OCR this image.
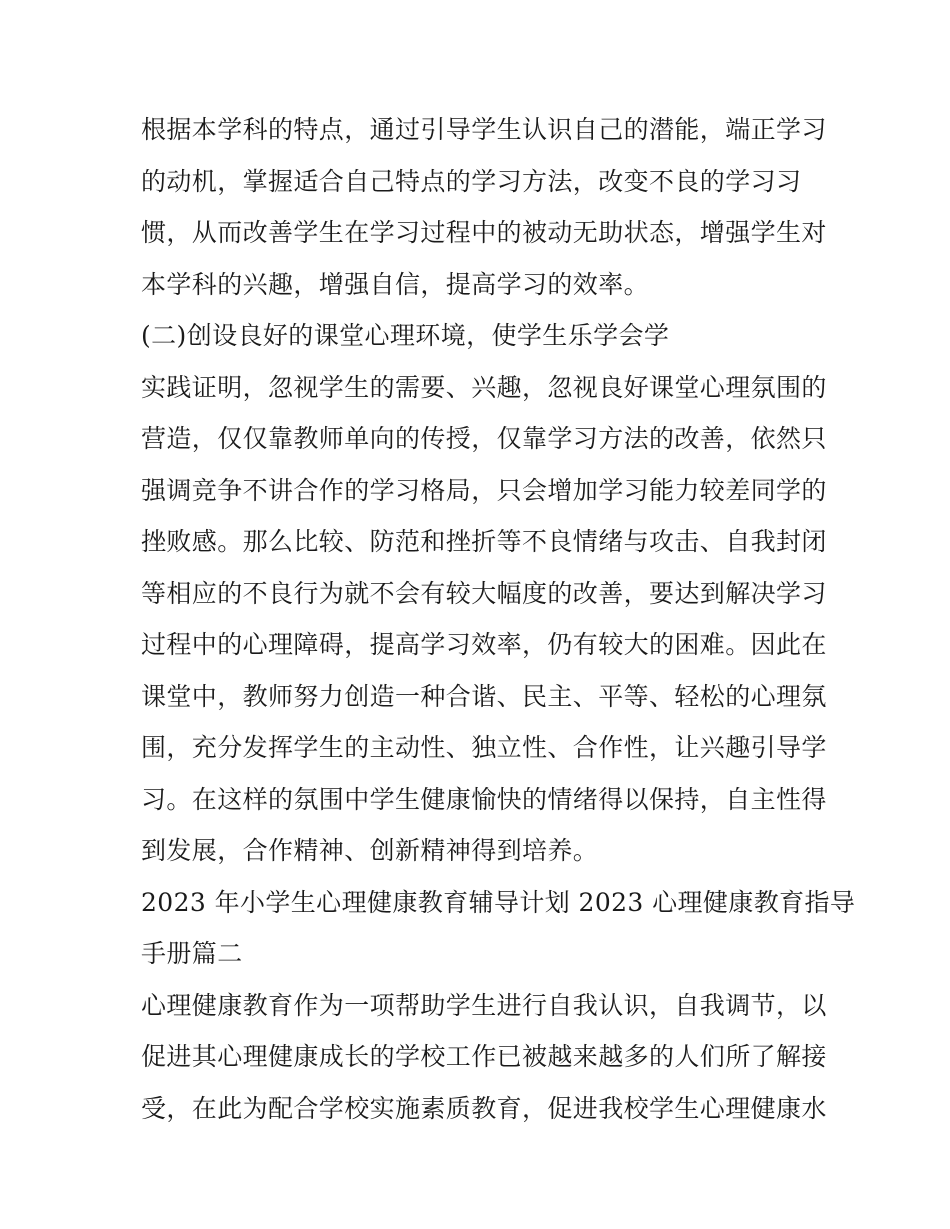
根据本学科的特点，通过引导学生认识自己的潜能，端正学习
的动机，掌握适合自己特点的学习方法，改变不良的学习习
惯，从而改善学生在学习过程中的被动无助状态，增强学生对
本学科的兴趣，增强自信，提高学习的效率。
(二)创设良好的课堂心理环境，使学生乐学会学
实践证明，忽视学生的需要、兴趣，忽视良好课堂心理氛围的
营造，仅仅靠教师单向的传授，仅靠学习方法的改善，依然只
强调竞争不讲合作的学习格局，只会增加学习能力较差同学的
挫败感。那么比较、防范和挫折等不良情绪与攻击、自我封闭
等相应的不良行为就不会有较大幅度的改善，要达到解决学习
过程中的心理障碍，提高学习效率，仍有较大的困难。因此在
课堂中，教师努力创造一种合谐、民主、平等、轻松的心理氛
围，充分发挥学生的主动性、独立性、合作性，让兴趣引导学
习。在这样的氛围中学生健康愉快的情绪得以保持，自主性得
到发展，合作精神、创新精神得到培养。
2023 年小学生心理健康教育辅导计划 2023 心理健康教育指导
手册篇二
心理健康教育作为一项帮助学生进行自我认识，自我调节，以
促进其心理健康成长的学校工作已被越来越多的人们所了解接
受，在此为配合学校实施素质教育，促进我校学生心理健康水
